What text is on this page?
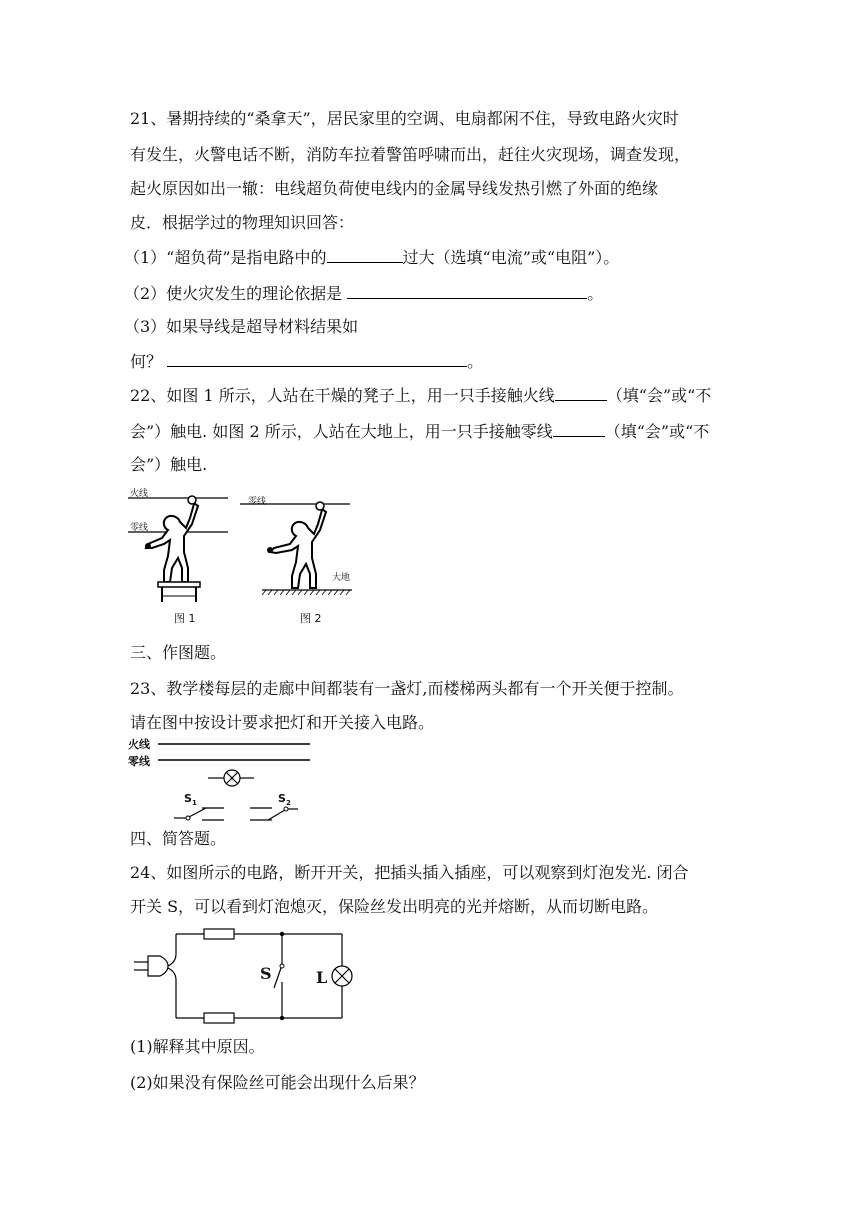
21、暑期持续的“桑拿天”，居民家里的空调、电扇都闲不住，导致电路火灾时
有发生，火警电话不断，消防车拉着警笛呼啸而出，赶往火灾现场，调查发现，
起火原因如出一辙：电线超负荷使电线内的金属导线发热引燃了外面的绝缘
皮．根据学过的物理知识回答：
（1）“超负荷”是指电路中的	过大（选填“电流”或“电阻”）。
（2）使火灾发生的理论依据是	。
（3）如果导线是超导材料结果如
何？	。
22、如图 1 所示，人站在干燥的凳子上，用一只手接触火线	（填“会”或“不
会”）触电. 如图 2 所示，人站在大地上，用一只手接触零线	（填“会”或“不
会”）触电.
火线
零线
图 1
零线
大地
图 2
三、作图题。
23、教学楼每层的走廊中间都装有一盏灯,而楼梯两头都有一个开关便于控制。
请在图中按设计要求把灯和开关接入电路。
火线
零线
$S_1$	$S_2$
四、简答题。
24、如图所示的电路，断开开关，把插头插入插座，可以观察到灯泡发光. 闭合
开关 S，可以看到灯泡熄灭，保险丝发出明亮的光并熔断，从而切断电路。
S	L
(1)解释其中原因。
(2)如果没有保险丝可能会出现什么后果？
